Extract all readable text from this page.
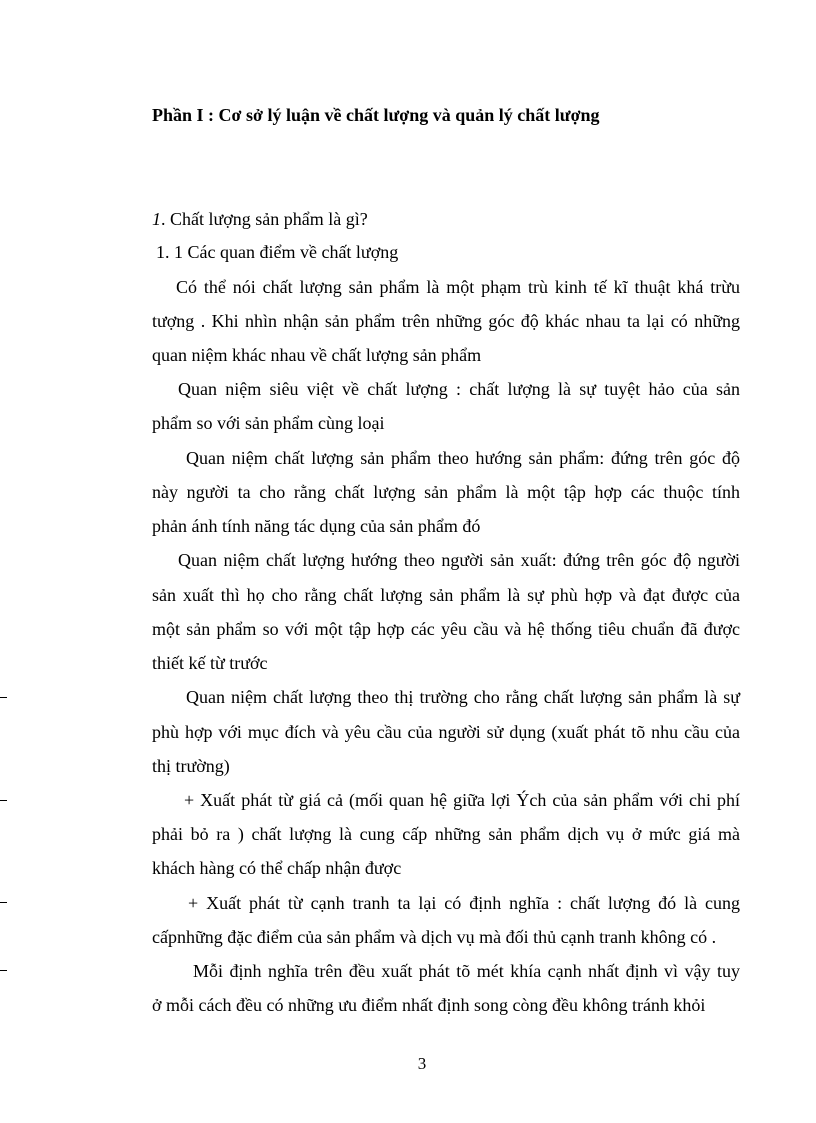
Phần I : Cơ sở lý luận về chất lượng và quản lý chất lượng
1. Chất lượng sản phẩm là gì?
1. 1 Các quan điểm về chất lượng
Có thể nói chất lượng sản phẩm là một phạm trù kinh tế kĩ thuật khá trừu
tượng . Khi nhìn nhận sản phẩm trên những góc độ khác nhau ta lại có những
quan niệm khác nhau về chất lượng sản phẩm
Quan niệm siêu việt về chất lượng : chất lượng là sự tuyệt hảo của sản
phẩm so với sản phẩm cùng loại
Quan niệm chất lượng sản phẩm theo hướng sản phẩm: đứng trên góc độ
này người ta cho rằng chất lượng sản phẩm là một tập hợp các thuộc tính
phản ánh tính năng tác dụng của sản phẩm đó
Quan niệm chất lượng hướng theo người sản xuất: đứng trên góc độ người
sản xuất thì họ cho rằng chất lượng sản phẩm là sự phù hợp và đạt được của
một sản phẩm so với một tập hợp các yêu cầu và hệ thống tiêu chuẩn đã được
thiết kế từ trước
Quan niệm chất lượng theo thị trường cho rằng chất lượng sản phẩm là sự
phù hợp với mục đích và yêu cầu của người sử dụng (xuất phát tõ nhu cầu của
thị trường)
+ Xuất phát từ giá cả (mối quan hệ giữa lợi Ých của sản phẩm với chi phí
phải bỏ ra ) chất lượng là cung cấp những sản phẩm dịch vụ ở mức giá mà
khách hàng có thể chấp nhận được
+ Xuất phát từ cạnh tranh ta lại có định nghĩa : chất lượng đó là cung
cấpnhững đặc điểm của sản phẩm và dịch vụ mà đối thủ cạnh tranh không có .
Mỗi định nghĩa trên đều xuất phát tõ mét khía cạnh nhất định vì vậy tuy
ở mỗi cách đều có những ưu điểm nhất định song còng đều không tránh khỏi
3
